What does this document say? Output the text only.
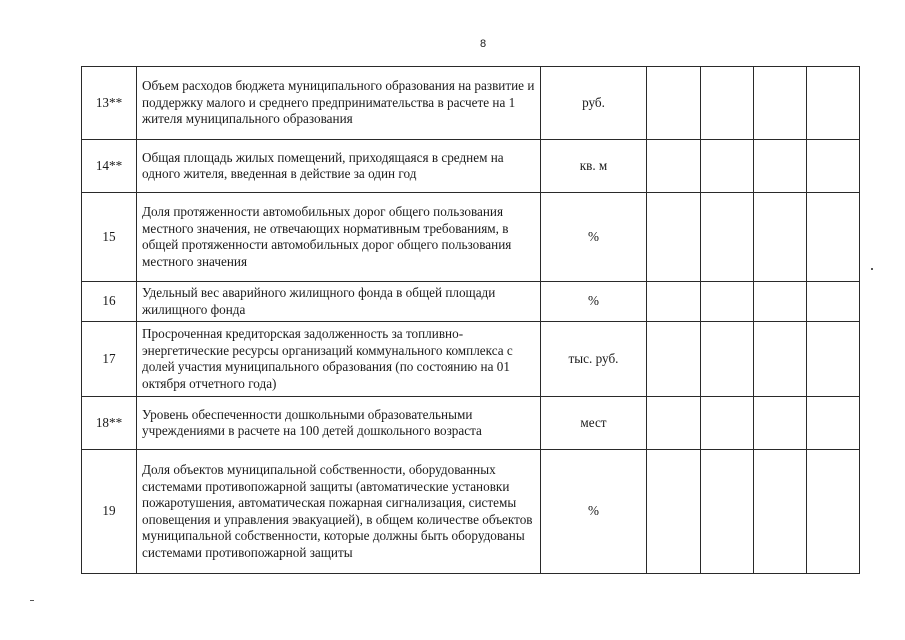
8
13**	Объем расходов бюджета муниципального образования на развитие и поддержку малого и среднего предпринимательства в расчете на 1 жителя муниципального образования	руб.				
14**	Общая площадь жилых помещений, приходящаяся в среднем на одного жителя, введенная в действие за один год	кв. м				
15	Доля протяженности автомобильных дорог общего пользования местного значения, не отвечающих нормативным требованиям, в общей протяженности автомобильных дорог общего пользования местного значения	%				
16	Удельный вес аварийного жилищного фонда в общей площади жилищного фонда	%				
17	Просроченная кредиторская задолженность за топливно-энергетические ресурсы организаций коммунального комплекса с долей участия муниципального образования (по состоянию на 01 октября отчетного года)	тыс. руб.				
18**	Уровень обеспеченности дошкольными образовательными учреждениями в расчете на 100 детей дошкольного возраста	мест				
19	Доля объектов муниципальной собственности, оборудованных системами противопожарной защиты (автоматические установки пожаротушения, автоматическая пожарная сигнализация, системы оповещения и управления эвакуацией), в общем количестве объектов муниципальной собственности, которые должны быть оборудованы системами противопожарной защиты	%				
